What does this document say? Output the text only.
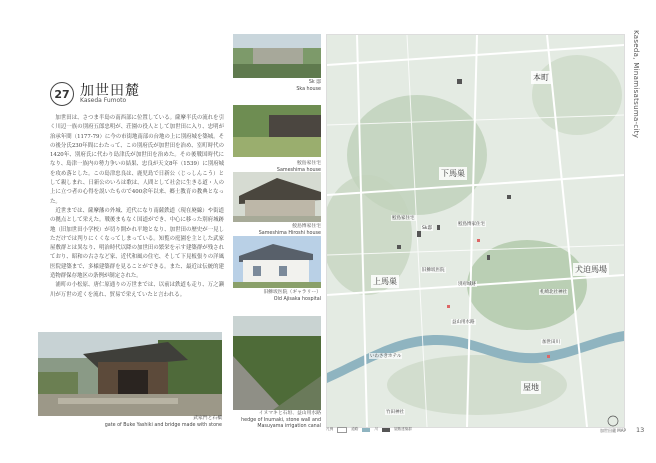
27 加世田麓
Kaseda Fumoto

加世田は、さつま半島の南西部に位置している。薩摩半氏の流れを引く川辺一族の別府五郎忠明が、荘園の役人として加世田に入り、忠明が治承年間（1177-79）に今の市街地南部の台地の上に別府城を築城。その後分氏230年間にわたって、この別府氏が加世田を治め、室町時代の1420年、別府氏に代わり島津氏が加世田を治めた。その後戦国時代になり、島津一族内の勢力争いの結果、忠良が天文8年（1539）に別府城を攻め落とした。この島津忠良は、鹿児島で日新公（じっしんこう）として親しまれ、日新公のいろは歌は、人間として社会に生きる道・人の上に立つ者の心得を説いたもので400余年以来、郷士教育の教典となった。

近世までは、薩摩藩の外城、近代になり南薩鉄道（現在廃線）や街道の拠点として栄えた。戦後まもなく国道ができ、中心に移った別府城跡地（旧加世田小学校）が切り開かれ平地となり、加世田の歴史が一見しただけでは判りにくくなってしまっている。知覧の庭園を主とした武家屋敷群とは異なり、明治時代以降の加世田の繁栄を示す建築群が残されており、昭和の古さなど家、近代和風の住宅、そして下見板張りの洋風医院建築まで、多様建築群を見ることができる。また、最近は伝統的建造物群保存地区の条例が制定された。

浦町の小松原、唐仁原通りの万世までは、以前は鉄道も走り、万之瀬川が万世の近くを流れ、貿易で栄えていたと言われる。

武家門と石橋
gate of Buke Yashiki and bridge made with stone
Sk 邸
Ska house
鮫島家住宅
Sameshima house
鮫島博家住宅
Sameshima Hiroshi house
旧鰺坂医院（ギャラリー）
Old Ajisaka hospital
イヌマキと石垣、益山用水路
hedge of Inumaki, stone wall and Masuyama irrigation canal
本町
下馬巣
上馬巣
犬迫馬場
屋地
鮫島家住宅
鮫島博家住宅
Sk邸
旧鰺坂医院
別府城跡
札崎北社神社
竹田神社
益山用水路
加世田川
いわさきホテル
凡例	道路	川	屋敷建築群
Kaseda, Minamisatsuma-city
加世田麓 MAP 13
